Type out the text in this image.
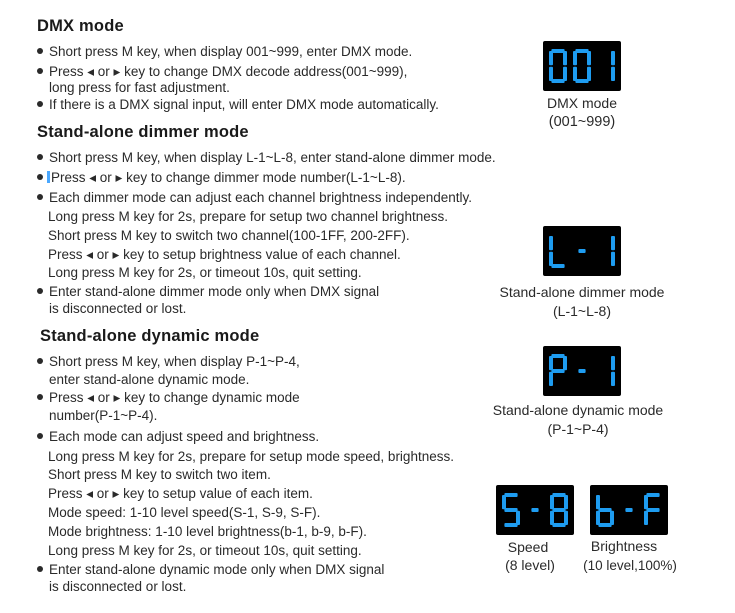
DMX mode
Short press M key, when display 001~999, enter DMX mode.
Press ◂ or ▸ key to change DMX decode address(001~999),
long press for fast adjustment.
If there is a DMX signal input, will enter DMX mode automatically.	DMX mode
(001~999)
Stand-alone dimmer mode
Short press M key, when display L-1~L-8, enter stand-alone dimmer mode.
Press ◂ or ▸ key to change dimmer mode number(L-1~L-8).
Each dimmer mode can adjust each channel brightness independently.
Long press M key for 2s, prepare for setup two channel brightness.
Short press M key to switch two channel(100-1FF, 200-2FF).
Press ◂ or ▸ key to setup brightness value of each channel.
Long press M key for 2s, or timeout 10s, quit setting.
Enter stand-alone dimmer mode only when DMX signal
is disconnected or lost.
Stand-alone dimmer mode
(L-1~L-8)
Stand-alone dynamic mode
Short press M key, when display P-1~P-4,
enter stand-alone dynamic mode.
Press ◂ or ▸ key to change dynamic mode
number(P-1~P-4).
Each mode can adjust speed and brightness.
Long press M key for 2s, prepare for setup mode speed, brightness.
Short press M key to switch two item.
Press ◂ or ▸ key to setup value of each item.
Mode speed: 1-10 level speed(S-1, S-9, S-F).
Mode brightness: 1-10 level brightness(b-1, b-9, b-F).
Long press M key for 2s, or timeout 10s, quit setting.
Enter stand-alone dynamic mode only when DMX signal
is disconnected or lost.
Stand-alone dynamic mode
(P-1~P-4)
Speed
(8 level)
Brightness
(10 level,100%)
